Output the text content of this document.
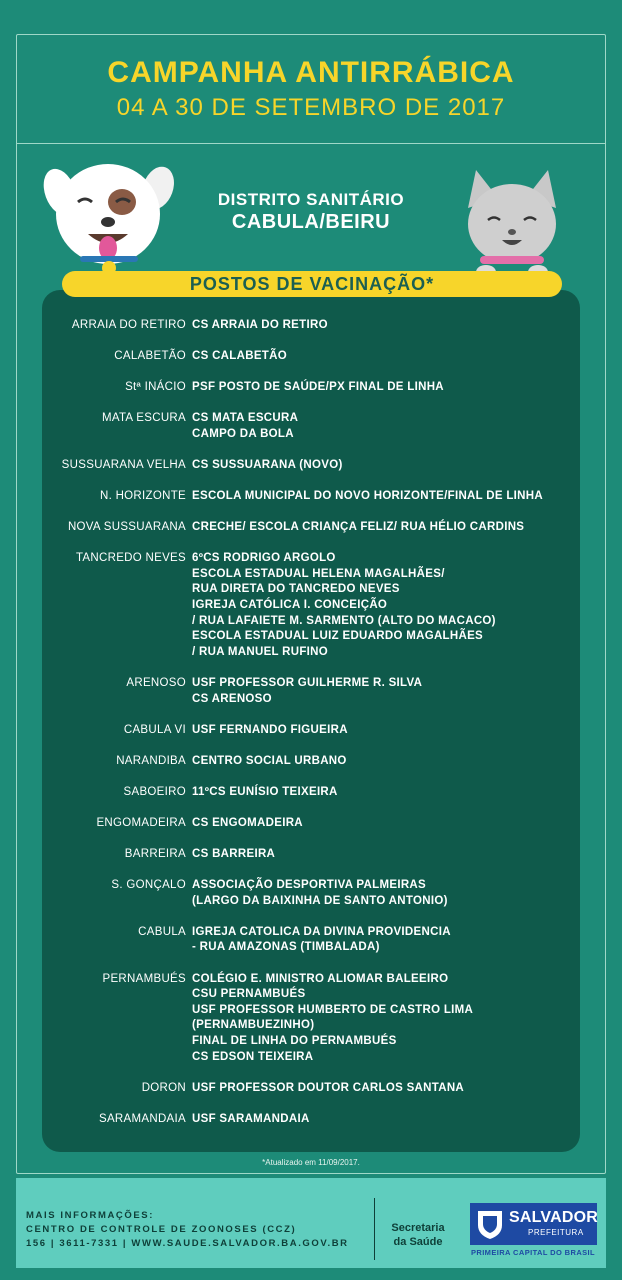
CAMPANHA ANTIRRÁBICA
04 A 30 DE SETEMBRO DE 2017
DISTRITO SANITÁRIO
CABULA/BEIRU
POSTOS DE VACINAÇÃO*
ARRAIA DO RETIRO CS ARRAIA DO RETIRO
CALABETÃO CS CALABETÃO
Stª INÁCIO PSF POSTO DE SAÚDE/PX FINAL DE LINHA
MATA ESCURA CS MATA ESCURA
CAMPO DA BOLA
SUSSUARANA VELHA CS SUSSUARANA (NOVO)
N. HORIZONTE ESCOLA MUNICIPAL DO NOVO HORIZONTE/FINAL DE LINHA
NOVA SUSSUARANA CRECHE/ ESCOLA CRIANÇA FELIZ/ RUA HÉLIO CARDINS
TANCREDO NEVES 6ºCS RODRIGO ARGOLO
ESCOLA ESTADUAL HELENA MAGALHÃES/
RUA DIRETA DO TANCREDO NEVES
IGREJA CATÓLICA I. CONCEIÇÃO
/ RUA LAFAIETE M. SARMENTO (ALTO DO MACACO)
ESCOLA ESTADUAL LUIZ EDUARDO MAGALHÃES
/ RUA MANUEL RUFINO
ARENOSO USF PROFESSOR GUILHERME R. SILVA
CS ARENOSO
CABULA VI USF FERNANDO FIGUEIRA
NARANDIBA CENTRO SOCIAL URBANO
SABOEIRO 11ºCS EUNÍSIO TEIXEIRA
ENGOMADEIRA CS ENGOMADEIRA
BARREIRA CS BARREIRA
S. GONÇALO ASSOCIAÇÃO DESPORTIVA PALMEIRAS
(LARGO DA BAIXINHA DE SANTO ANTONIO)
CABULA IGREJA CATOLICA DA DIVINA PROVIDENCIA
- RUA AMAZONAS (TIMBALADA)
PERNAMBUÉS COLÉGIO E. MINISTRO ALIOMAR BALEEIRO
CSU PERNAMBUÉS
USF PROFESSOR HUMBERTO DE CASTRO LIMA
(PERNAMBUEZINHO)
FINAL DE LINHA DO PERNAMBUÉS
CS EDSON TEIXEIRA
DORON USF PROFESSOR DOUTOR CARLOS SANTANA
SARAMANDAIA USF SARAMANDAIA
*Atualizado em 11/09/2017.
MAIS INFORMAÇÕES:
CENTRO DE CONTROLE DE ZOONOSES (CCZ)
156 | 3611-7331 | WWW.SAUDE.SALVADOR.BA.GOV.BR
Secretaria
da Saúde
SALVADOR
PREFEITURA
PRIMEIRA CAPITAL DO BRASIL
